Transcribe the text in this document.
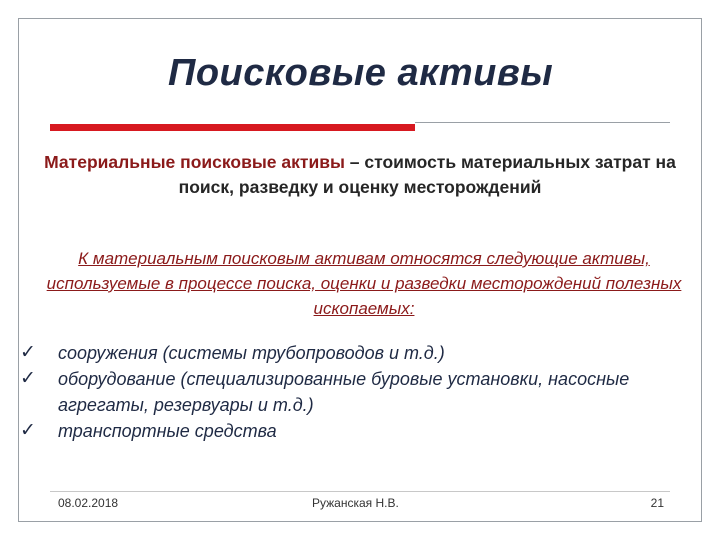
Поисковые активы
Материальные поисковые активы – стоимость материальных затрат на поиск, разведку и оценку месторождений
К материальным поисковым активам относятся следующие активы, используемые в процессе поиска, оценки и разведки месторождений полезных ископаемых:
✓ сооружения (системы трубопроводов и т.д.)
✓ оборудование (специализированные буровые установки, насосные агрегаты, резервуары и т.д.)
✓ транспортные средства
08.02.2018	Ружанская Н.В.	21
